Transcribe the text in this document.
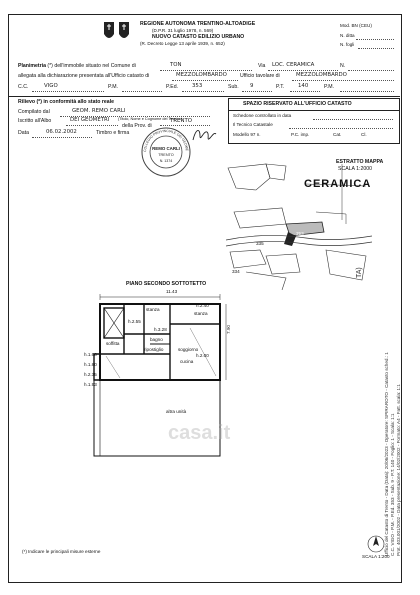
REGIONE AUTONOMA TRENTINO-ALTOADIGE
(D.P.R. 31 luglio 1978, n. 569)
NUOVO CATASTO EDILIZIO URBANO
(R. Decreto Legge 13 aprile 1939, n. 652)
Mod. BN (CEU)
N. ditta
N. fogli
Planimetria (*) dell'immobile situato nel Comune di	TON	Via LOC. CERAMICA	N.
allegata alla dichiarazione presentata all'Ufficio catasto di	MEZZOLOMBARDO	Ufficio tavolare di	MEZZOLOMBARDO
C.C.	VIGO	P.M.	P.Ed.	353	Sub. 9	P.T.	140	P.M.
Rilievo (*) in conformità allo stato reale
Compilato dal	GEOM. REMO CARLI
(Titolo, Nome e Cognome del Tecnico)
Iscritto all'Albo	DEI GEOMETRI
della Prov. di
TRENTO
Data	06.02.2002	Timbro e firma
COLLEGIO PROVINCIALE DEI GEOME
REMO CARLI
TRENTO
N. 1374
SPAZIO RISERVATO ALL'UFFICIO CATASTO
Schedone controllato in data
Il Tecnico Catastale
Modello 97 n.	P.C. imp.	Cat.	Cl.
ESTRATTO MAPPA
SCALA 1:2000
CERAMICA
353
335
334	TA)
Ufficio del Catasto di Trento - Data (Data): 20/06/2023 - Operatore: SPIRAROTO - Catasto sched.: 1 C.C. VIGO - P.M. - P.Ed. 353 - Sub. 9 - P.T. 140 - Foglio: 1 - Scala: 1:1 Prot. 403.001/2002 - Data presentazione: 14/02/2002 - Formato: A4 - Fatt. scala: 1:1
PIANO SECONDO SOTTOTETTO
11.43
7.90
stanza
stanza
soffitta
bagno
ripostiglio	soggiorno
cucina
altra unità
h.2.55
h.3.28
h.1.60
h.1.80
h.2.35
h.1.93
h.2.00
h.2.40
casa.it
(*) Indicare le principali misure esterne
SCALA 1:200
